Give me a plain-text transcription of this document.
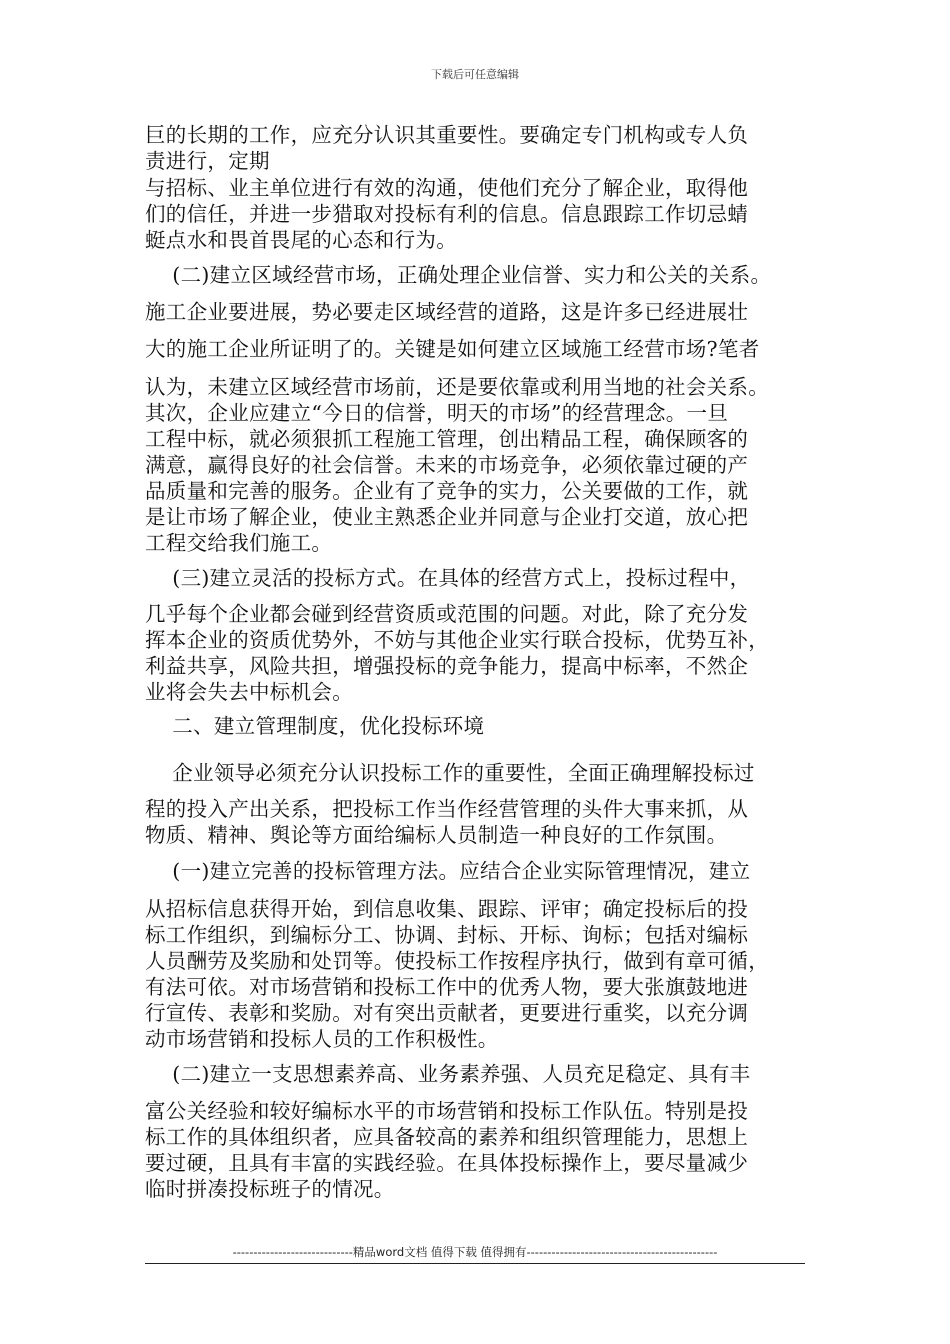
下载后可任意编辑
巨的长期的工作，应充分认识其重要性。要确定专门机构或专人负
责进行，定期
与招标、业主单位进行有效的沟通，使他们充分了解企业，取得他
们的信任，并进一步猎取对投标有利的信息。信息跟踪工作切忌蜻
蜓点水和畏首畏尾的心态和行为。
(二)建立区域经营市场，正确处理企业信誉、实力和公关的关系。
施工企业要进展，势必要走区域经营的道路，这是许多已经进展壮
大的施工企业所证明了的。关键是如何建立区域施工经营市场?笔者
认为，未建立区域经营市场前，还是要依靠或利用当地的社会关系。
其次，企业应建立“今日的信誉，明天的市场”的经营理念。一旦
工程中标，就必须狠抓工程施工管理，创出精品工程，确保顾客的
满意，赢得良好的社会信誉。未来的市场竞争，必须依靠过硬的产
品质量和完善的服务。企业有了竞争的实力，公关要做的工作，就
是让市场了解企业，使业主熟悉企业并同意与企业打交道，放心把
工程交给我们施工。
(三)建立灵活的投标方式。在具体的经营方式上，投标过程中，
几乎每个企业都会碰到经营资质或范围的问题。对此，除了充分发
挥本企业的资质优势外，不妨与其他企业实行联合投标，优势互补，
利益共享，风险共担，增强投标的竞争能力，提高中标率，不然企
业将会失去中标机会。
二、建立管理制度，优化投标环境
企业领导必须充分认识投标工作的重要性，全面正确理解投标过
程的投入产出关系，把投标工作当作经营管理的头件大事来抓，从
物质、精神、舆论等方面给编标人员制造一种良好的工作氛围。
(一)建立完善的投标管理方法。应结合企业实际管理情况，建立
从招标信息获得开始，到信息收集、跟踪、评审；确定投标后的投
标工作组织，到编标分工、协调、封标、开标、询标；包括对编标
人员酬劳及奖励和处罚等。使投标工作按程序执行，做到有章可循，
有法可依。对市场营销和投标工作中的优秀人物，要大张旗鼓地进
行宣传、表彰和奖励。对有突出贡献者，更要进行重奖，以充分调
动市场营销和投标人员的工作积极性。
(二)建立一支思想素养高、业务素养强、人员充足稳定、具有丰
富公关经验和较好编标水平的市场营销和投标工作队伍。特别是投
标工作的具体组织者，应具备较高的素养和组织管理能力，思想上
要过硬，且具有丰富的实践经验。在具体投标操作上，要尽量减少
临时拼凑投标班子的情况。
-----------------------------精品word文档 值得下载 值得拥有----------------------------------------------
